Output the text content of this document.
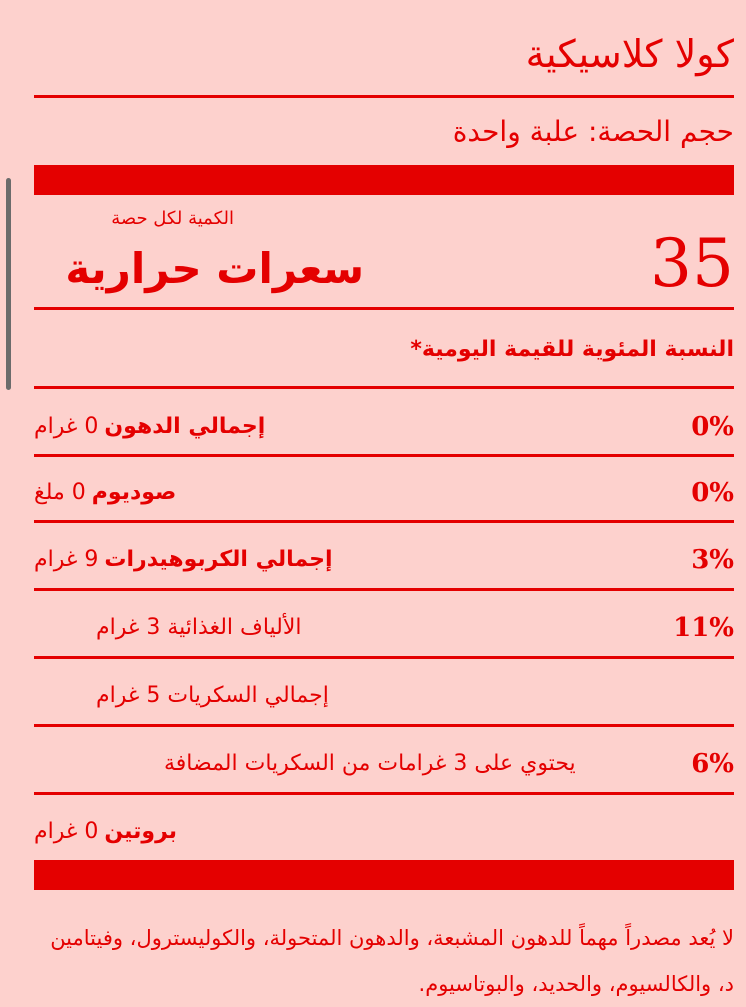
كولا كلاسيكية
حجم الحصة: علبة واحدة
الكمية لكل حصة
سعرات حرارية	35
النسبة المئوية للقيمة اليومية*
0%
إجمالي الدهون0 غرام
0%
صوديوم0 ملغ
3%
إجمالي الكربوهيدرات9 غرام
11%
الألياف الغذائية 3 غرام
إجمالي السكريات 5 غرام
6%
يحتوي على 3 غرامات من السكريات المضافة
بروتين0 غرام
لا يُعد مصدراً مهماً للدهون المشبعة، والدهون المتحولة، والكوليسترول، وفيتامين د، والكالسيوم، والحديد، والبوتاسيوم.
